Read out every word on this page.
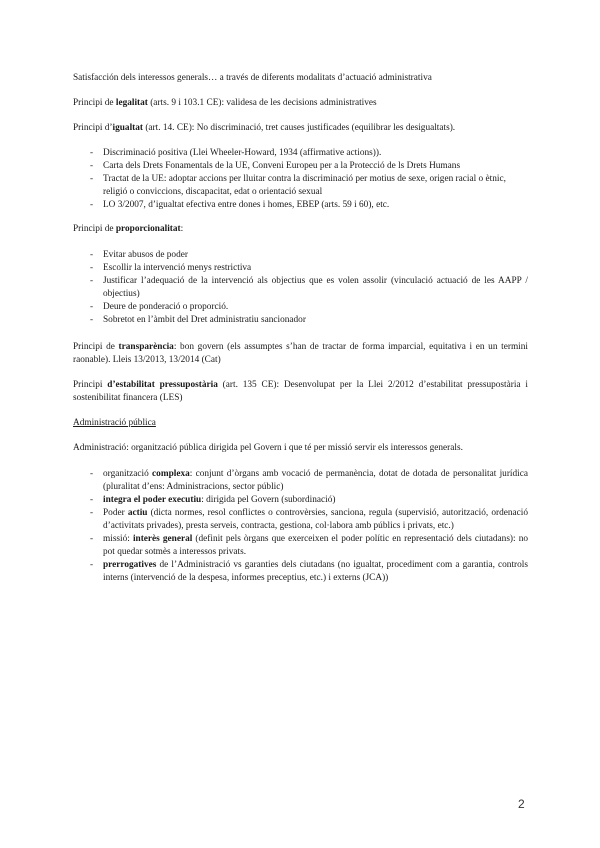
Satisfacción dels interessos generals… a través de diferents modalitats d’actuació administrativa

Principi de legalitat (arts. 9 i 103.1 CE): validesa de les decisions administratives

Principi d’igualtat (art. 14. CE): No discriminació, tret causes justificades (equilibrar les desigualtats).

- Discriminació positiva (Llei Wheeler-Howard, 1934 (affirmative actions)).
- Carta dels Drets Fonamentals de la UE, Conveni Europeu per a la Protecció de ls Drets Humans
- Tractat de la UE: adoptar accions per lluitar contra la discriminació per motius de sexe, origen racial o ètnic, religió o conviccions, discapacitat, edat o orientació sexual
- LO 3/2007, d’igualtat efectiva entre dones i homes, EBEP (arts. 59 i 60), etc.

Principi de proporcionalitat:

- Evitar abusos de poder
- Escollir la intervenció menys restrictiva
- Justificar l’adequació de la intervenció als objectius que es volen assolir (vinculació actuació de les AAPP / objectius)
- Deure de ponderació o proporció.
- Sobretot en l’àmbit del Dret administratiu sancionador

Principi de transparència: bon govern (els assumptes s’han de tractar de forma imparcial, equitativa i en un termini raonable). Lleis 13/2013, 13/2014 (Cat)

Principi d’estabilitat pressupostària (art. 135 CE): Desenvolupat per la Llei 2/2012 d’estabilitat pressupostària i sostenibilitat financera (LES)

Administració pública

Administració: organització pública dirigida pel Govern i que té per missió servir els interessos generals.

- organització complexa: conjunt d’òrgans amb vocació de permanència, dotat de dotada de personalitat jurídica (pluralitat d’ens: Administracions, sector públic)
- integra el poder executiu: dirigida pel Govern (subordinació)
- Poder actiu (dicta normes, resol conflictes o controvèrsies, sanciona, regula (supervisió, autorització, ordenació d’activitats privades), presta serveis, contracta, gestiona, col·labora amb públics i privats, etc.)
- missió: interès general (definit pels òrgans que exerceixen el poder polític en representació dels ciutadans): no pot quedar sotmès a interessos privats.
- prerrogatives de l’Administració vs garanties dels ciutadans (no igualtat, procediment com a garantia, controls interns (intervenció de la despesa, informes preceptius, etc.) i externs (JCA))
2
